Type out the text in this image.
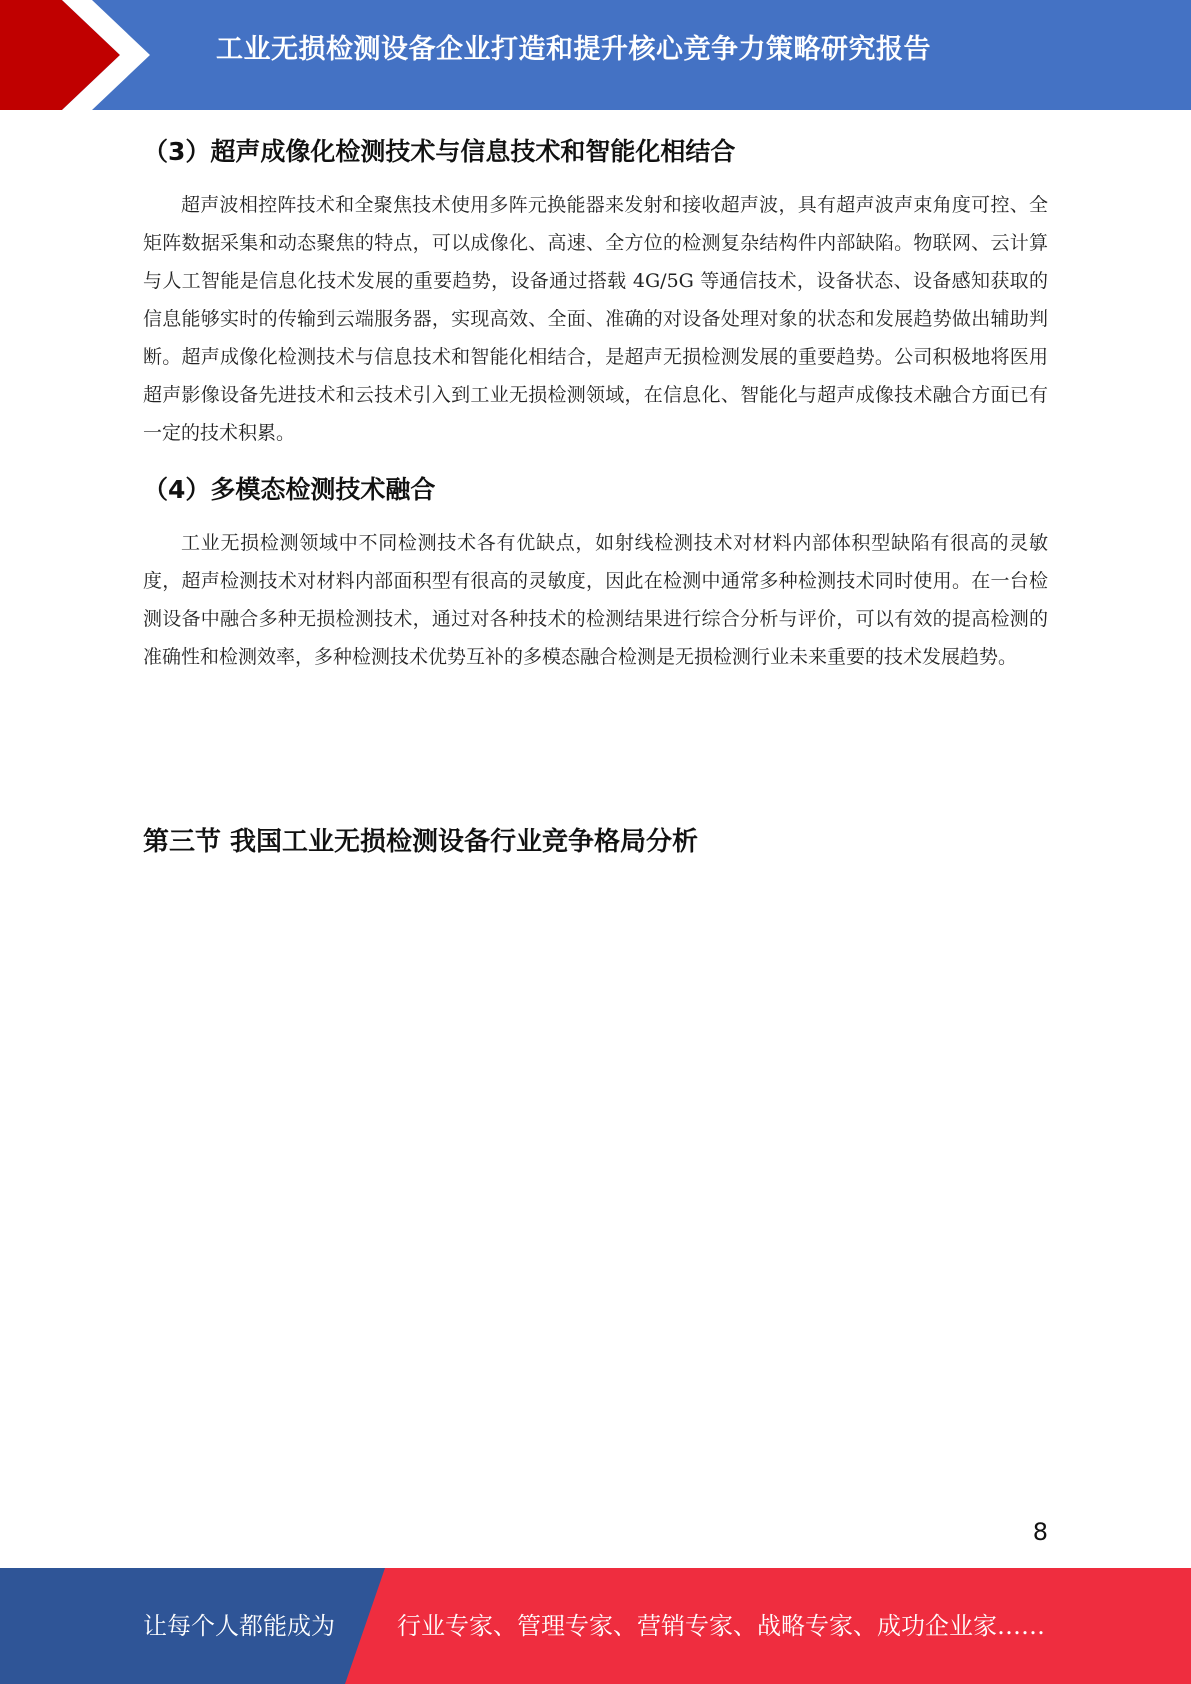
工业无损检测设备企业打造和提升核心竞争力策略研究报告
（3）超声成像化检测技术与信息技术和智能化相结合

超声波相控阵技术和全聚焦技术使用多阵元换能器来发射和接收超声波，具有超声波声束角度可控、全矩阵数据采集和动态聚焦的特点，可以成像化、高速、全方位的检测复杂结构件内部缺陷。物联网、云计算与人工智能是信息化技术发展的重要趋势，设备通过搭载 4G/5G 等通信技术，设备状态、设备感知获取的信息能够实时的传输到云端服务器，实现高效、全面、准确的对设备处理对象的状态和发展趋势做出辅助判断。超声成像化检测技术与信息技术和智能化相结合，是超声无损检测发展的重要趋势。公司积极地将医用超声影像设备先进技术和云技术引入到工业无损检测领域，在信息化、智能化与超声成像技术融合方面已有一定的技术积累。

（4）多模态检测技术融合

工业无损检测领域中不同检测技术各有优缺点，如射线检测技术对材料内部体积型缺陷有很高的灵敏度，超声检测技术对材料内部面积型有很高的灵敏度，因此在检测中通常多种检测技术同时使用。在一台检测设备中融合多种无损检测技术，通过对各种技术的检测结果进行综合分析与评价，可以有效的提高检测的准确性和检测效率，多种检测技术优势互补的多模态融合检测是无损检测行业未来重要的技术发展趋势。

第三节 我国工业无损检测设备行业竞争格局分析
8
让每个人都能成为	行业专家、管理专家、营销专家、战略专家、成功企业家……
